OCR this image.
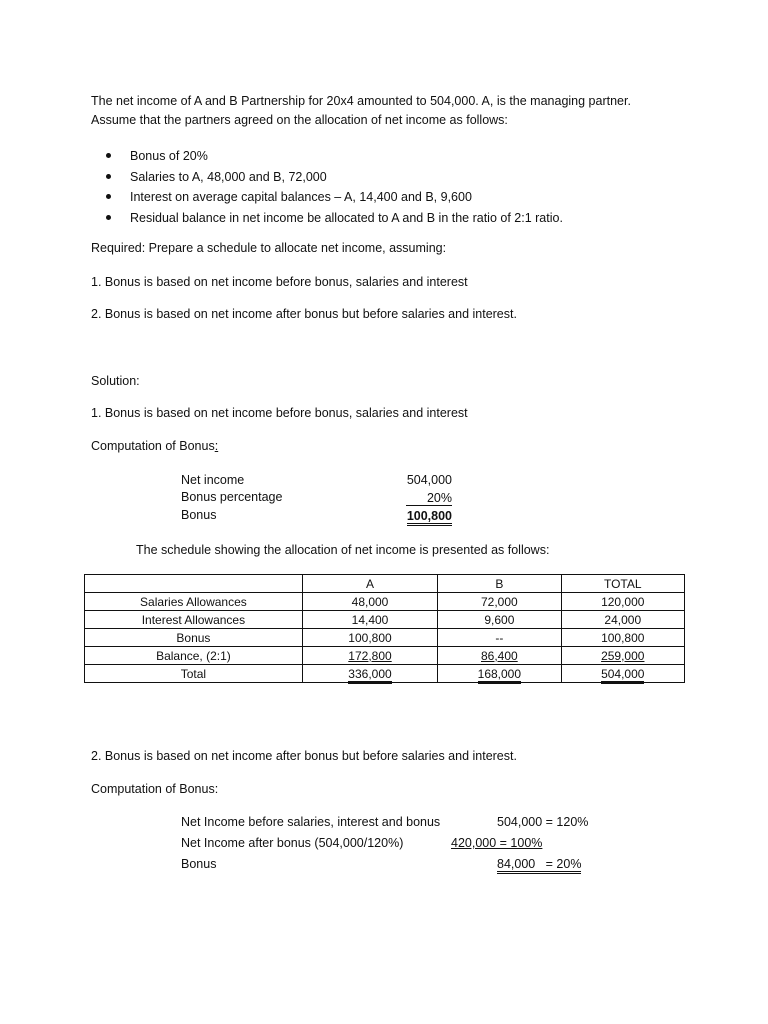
The net income of A and B Partnership for 20x4 amounted to 504,000. A, is the managing partner.
Assume that the partners agreed on the allocation of net income as follows:
Bonus of 20%
Salaries to A, 48,000 and B, 72,000
Interest on average capital balances – A, 14,400 and B, 9,600
Residual balance in net income be allocated to A and B in the ratio of 2:1 ratio.
Required: Prepare a schedule to allocate net income, assuming:
1. Bonus is based on net income before bonus, salaries and interest
2. Bonus is based on net income after bonus but before salaries and interest.
Solution:
1. Bonus is based on net income before bonus, salaries and interest
Computation of Bonus:
Net income	504,000
Bonus percentage	20%
Bonus	100,800
The schedule showing the allocation of net income is presented as follows:
	A	B	TOTAL
Salaries Allowances	48,000	72,000	120,000
Interest Allowances	14,400	9,600	24,000
Bonus	100,800	--	100,800
Balance, (2:1)	172,800	86,400	259,000
Total	336,000	168,000	504,000
2. Bonus is based on net income after bonus but before salaries and interest.
Computation of Bonus:
Net Income before salaries, interest and bonus	504,000 = 120%
Net Income after bonus (504,000/120%)	420,000 = 100%
Bonus	84,000   = 20%
